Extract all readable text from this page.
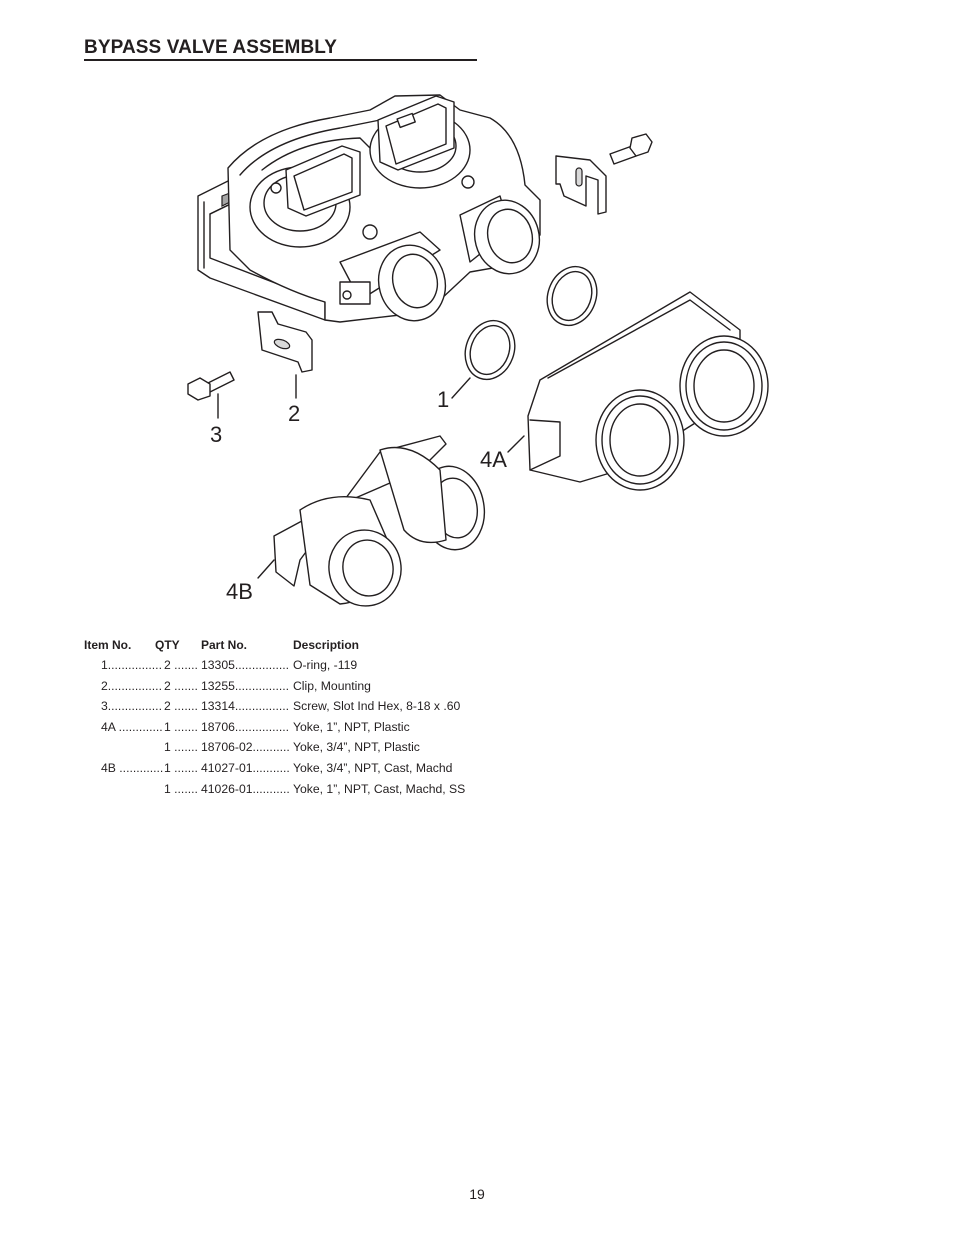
BYPASS VALVE ASSEMBLY
1
2
3
4A
4B
Item No. QTY Part No.	Description
1................ 2 ....... 13305................ O-ring, -119
2................ 2 ....... 13255................ Clip, Mounting
3................ 2 ....... 13314................ Screw, Slot Ind Hex, 8-18 x .60
4A ............. 1 ....... 18706................ Yoke, 1”, NPT, Plastic
1 ....... 18706-02........... Yoke, 3/4”, NPT, Plastic
4B ............. 1 ....... 41027-01........... Yoke, 3/4”, NPT, Cast, Machd
1 ....... 41026-01........... Yoke, 1”, NPT, Cast, Machd, SS
19
